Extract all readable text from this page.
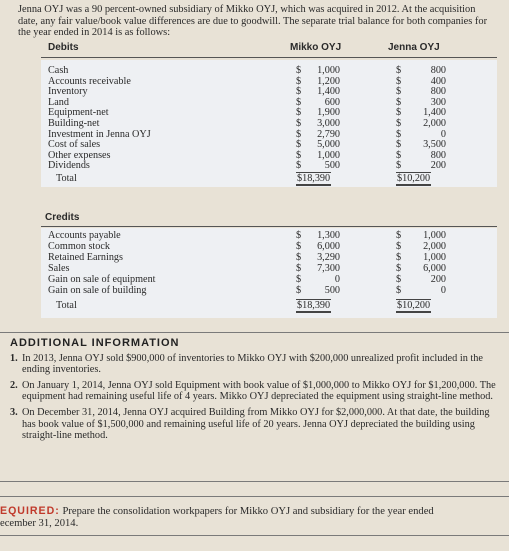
Jenna OYJ was a 90 percent-owned subsidiary of Mikko OYJ, which was acquired in 2012. At the acquisition date, any fair value/book value differences are due to goodwill. The separate trial balance for both companies for the year ended in 2014 is as follows:
Debits	Mikko OYJ	Jenna OYJ
Cash	$ 1,000	$	800
Accounts receivable	$ 1,200	$	400
Inventory	$ 1,400	$	800
Land	$ 600	$	300
Equipment-net	$ 1,900	$ 1,400
Building-net	$ 3,000	$ 2,000
Investment in Jenna OYJ	$ 2,790	$	0
Cost of sales	$ 5,000	$ 3,500
Other expenses	$ 1,000	$	800
Dividends	$ 500	$	200
Total	$18,390	$10,200
Credits
Accounts payable	$ 1,300	$ 1,000
Common stock	$ 6,000	$ 2,000
Retained Earnings	$ 3,290	$ 1,000
Sales	$ 7,300	$ 6,000
Gain on sale of equipment	$	0	$	200
Gain on sale of building	$ 500	$	0
Total	$18,390	$10,200
ADDITIONAL INFORMATION
1. In 2013, Jenna OYJ sold $900,000 of inventories to Mikko OYJ with $200,000 unrealized profit included in the ending inventories.
2. On January 1, 2014, Jenna OYJ sold Equipment with book value of $1,000,000 to Mikko OYJ for $1,200,000. The equipment had remaining useful life of 4 years. Mikko OYJ depreciated the equipment using straight-line method.
3. On December 31, 2014, Jenna OYJ acquired Building from Mikko OYJ for $2,000,000. At that date, the building has book value of $1,500,000 and remaining useful life of 20 years. Jenna OYJ depreciated the building using straight-line method.
EQUIRED: Prepare the consolidation workpapers for Mikko OYJ and subsidiary for the year ended
ecember 31, 2014.
